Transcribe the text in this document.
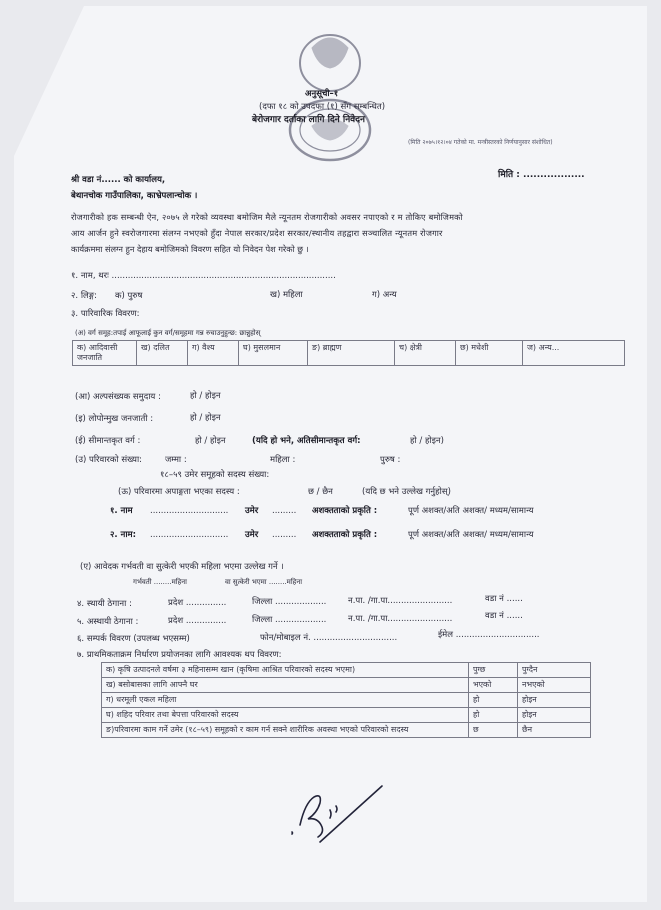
अनुसूची–१
(दफा १८ को उपदफा (१) सँग सम्बन्धित)
बेरोजगार दर्ताका लागि दिने निवेदन
(मिति २०७५।१२।०४ गतेको मा. मन्त्रीस्तरको निर्णयानुसार संशोधित)
मिति : ..................
श्री वडा नं...... को कार्यालय,
बेथानचोक गाउँपालिका, काभ्रेपलान्चोक ।
रोजगारीको हक सम्बन्धी ऐन, २०७५ ले गरेको व्यवस्था बमोजिम मैले न्यूनतम रोजगारीको अवसर नपाएको र म तोकिए बमोजिमको
आय आर्जन हुने स्वरोजगारमा संलग्न नभएको हुँदा नेपाल सरकार/प्रदेश सरकार/स्थानीय तहद्वारा सञ्चालित न्यूनतम रोजगार
कार्यक्रममा संलग्न हुन देहाय बमोजिमको विवरण सहित यो निवेदन पेश गरेको छु ।
१. नाम, थरः ...................................................................................
२. लिङ्ग: क) पुरुष	ख) महिला	ग) अन्य
३. पारिवारिक विवरण:
(अ) वर्ग समूह:तपाई आफूलाई कुन वर्ग/समूहमा गन्न रुचाउनुहुन्छ: छान्नुहोस्
क) आदिवासी जनजाति	ख) दलित	ग) वैश्य	घ) मुसलमान	ङ) ब्राह्मण	च) क्षेत्री	छ) मधेशी	ज) अन्य...
(आ) अल्पसंख्यक समुदाय :	हो / होइन
(इ) लोपोन्मुख जनजाती :	हो / होइन
(ई) सीमान्तकृत वर्ग :	हो / होइन	(यदि हो भने, अतिसीमान्तकृत वर्ग:	हो / होइन)
(उ) परिवारको संख्या:	जम्मा :	महिला :	पुरुष :
१८–५९ उमेर समूहको सदस्य संख्या:
(ऊ) परिवारमा अपाङ्गता भएका सदस्य :	छ / छैन	(यदि छ भने उल्लेख गर्नुहोस्)
१. नाम ............................. उमेर ......... अशक्तताको प्रकृति :	पूर्ण अशक्त/अति अशक्त/ मध्यम/सामान्य
२. नाम: ............................. उमेर ......... अशक्तताको प्रकृति :	पूर्ण अशक्त/अति अशक्त/ मध्यम/सामान्य
(ए) आवेदक गर्भवती वा सुत्केरी भएकी महिला भएमा उल्लेख गर्ने ।
गर्भवती ........महिना	वा सुत्केरी भएमा ........महिना
४. स्थायी ठेगाना :	प्रदेश ...............	जिल्ला ...................	न.पा. /गा.पा........................	वडा नं ......
५. अस्थायी ठेगाना :	प्रदेश ...............	जिल्ला ...................	न.पा. /गा.पा........................	वडा नं ......
६. सम्पर्क विवरण (उपलब्ध भएसम्म)	फोन/मोबाइल नं. ...............................	ईमेल ...............................
७. प्राथमिकताक्रम निर्धारण प्रयोजनका लागि आवश्यक थप विवरण:
क) कृषि उत्पादनले वर्षमा ३ महिनासम्म खान (कृषिमा आश्रित परिवारको सदस्य भएमा)	पुग्छ	पुग्दैन
ख) बसोबासका लागि आफ्नै घर	भएको	नभएको
ग) धरमूली एकल महिला	हो	होइन
घ) शहिद परिवार तथा बेपत्ता परिवारको सदस्य	हो	होइन
ङ)परिवारमा काम गर्ने उमेर (१८–५९) समूहको र काम गर्न सक्ने शारीरिक अवस्था भएको परिवारको सदस्य	छ	छैन
